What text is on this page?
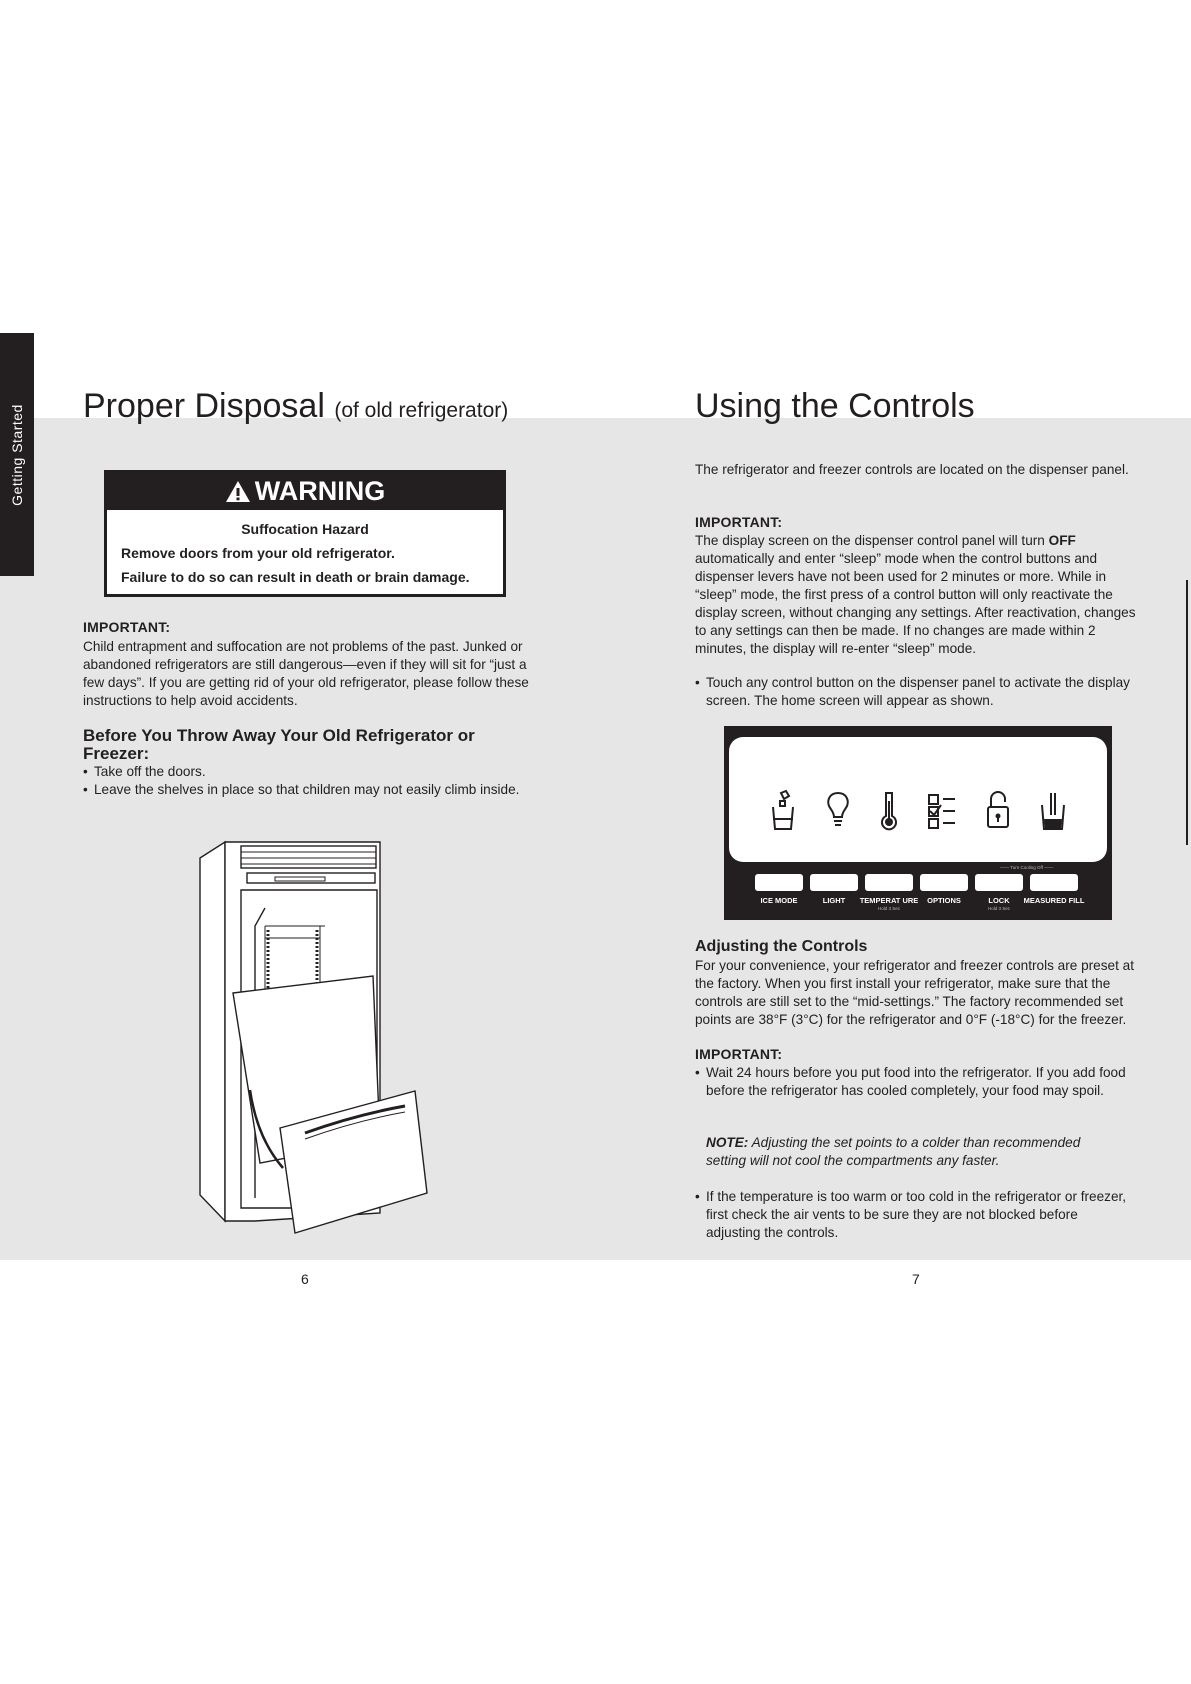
Getting Started Proper Disposal (of old refrigerator)
WARNING
Suffocation Hazard
Remove doors from your old refrigerator.
Failure to do so can result in death or brain damage.
IMPORTANT:
Child entrapment and suffocation are not problems of the past. Junked or abandoned refrigerators are still dangerous—even if they will sit for “just a few days”. If you are getting rid of your old refrigerator, please follow these instructions to help avoid accidents.
Before You Throw Away Your Old Refrigerator or Freezer:
• Take off the doors.
• Leave the shelves in place so that children may not easily climb inside.
6
Using the Controls
The refrigerator and freezer controls are located on the dispenser panel.
IMPORTANT:
The display screen on the dispenser control panel will turn OFF automatically and enter “sleep” mode when the control buttons and dispenser levers have not been used for 2 minutes or more. While in “sleep” mode, the first press of a control button will only reactivate the display screen, without changing any settings. After reactivation, changes to any settings can then be made. If no changes are made within 2 minutes, the display will re-enter “sleep” mode.
• Touch any control button on the dispenser panel to activate the display screen. The home screen will appear as shown.
—— Turn Cooling Off ——
ICE MODE	LIGHT TEMPERAT URE OPTIONS	LOCK MEASURED FILL
Hold 3 Sec	Hold 3 Sec
Adjusting the Controls
For your convenience, your refrigerator and freezer controls are preset at the factory. When you first install your refrigerator, make sure that the controls are still set to the “mid-settings.” The factory recommended set points are 38°F (3°C) for the refrigerator and 0°F (-18°C) for the freezer.
IMPORTANT:
• Wait 24 hours before you put food into the refrigerator. If you add food before the refrigerator has cooled completely, your food may spoil.
NOTE: Adjusting the set points to a colder than recommended setting will not cool the compartments any faster.
• If the temperature is too warm or too cold in the refrigerator or freezer, first check the air vents to be sure they are not blocked before adjusting the controls.
7
